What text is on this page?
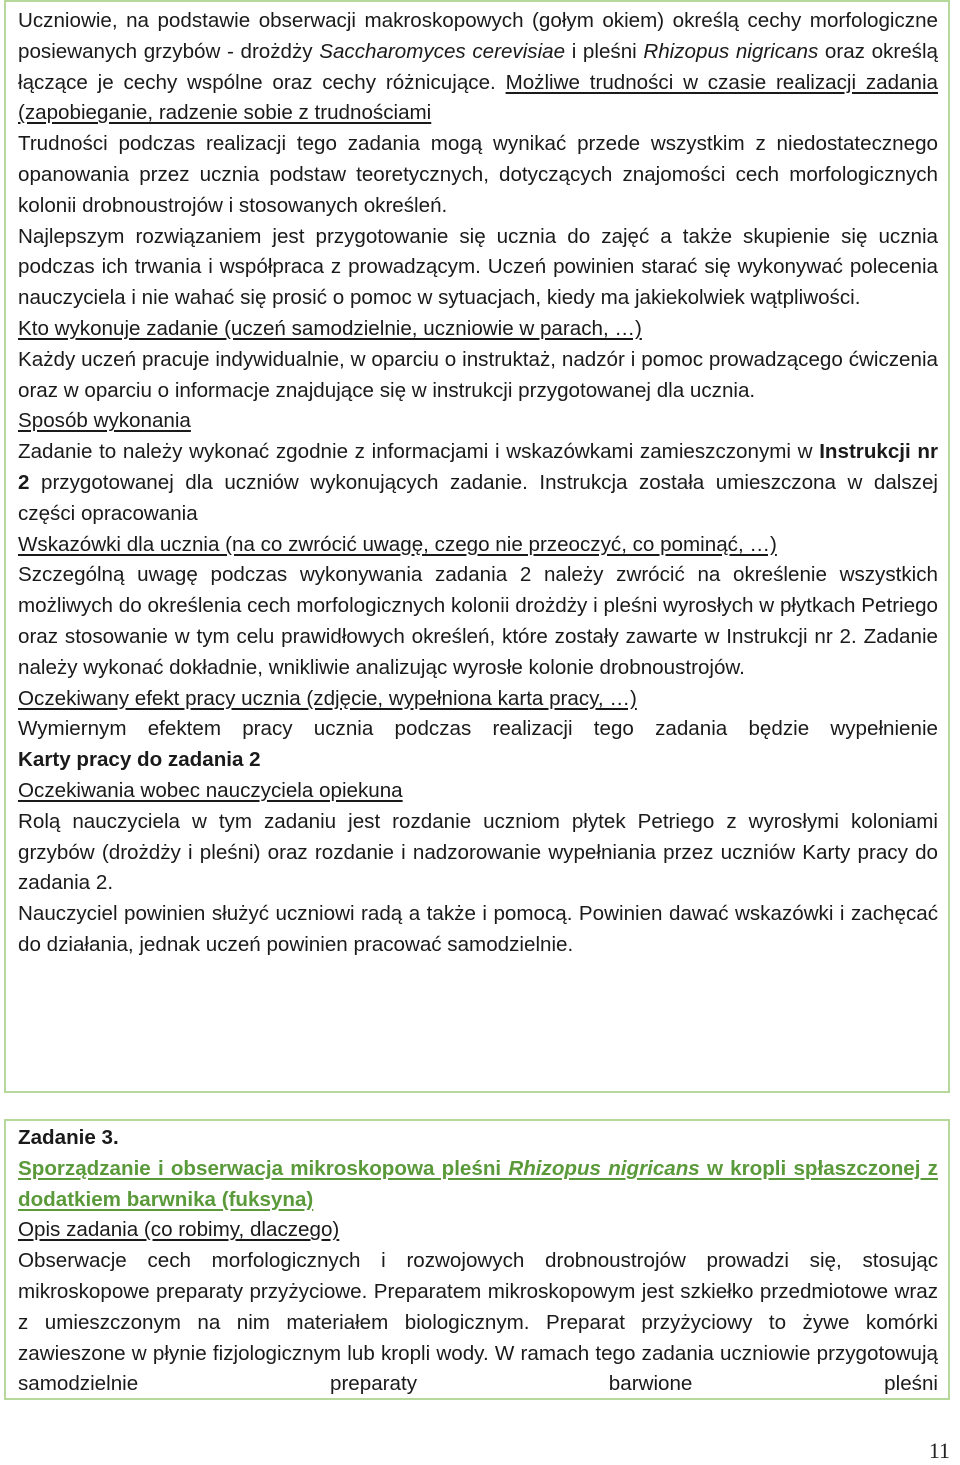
Uczniowie, na podstawie obserwacji makroskopowych (gołym okiem) określą cechy morfologiczne posiewanych grzybów - drożdży Saccharomyces cerevisiae i pleśni Rhizopus nigricans oraz określą łączące je cechy wspólne oraz cechy różnicujące. Możliwe trudności w czasie realizacji zadania (zapobieganie, radzenie sobie z trudnościami

Trudności podczas realizacji tego zadania mogą wynikać przede wszystkim z niedostatecznego opanowania przez ucznia podstaw teoretycznych, dotyczących znajomości cech morfologicznych kolonii drobnoustrojów i stosowanych określeń.

Najlepszym rozwiązaniem jest przygotowanie się ucznia do zajęć a także skupienie się ucznia podczas ich trwania i współpraca z prowadzącym. Uczeń powinien starać się wykonywać polecenia nauczyciela i nie wahać się prosić o pomoc w sytuacjach, kiedy ma jakiekolwiek wątpliwości.

Kto wykonuje zadanie (uczeń samodzielnie, uczniowie w parach, …)

Każdy uczeń pracuje indywidualnie, w oparciu o instruktaż, nadzór i pomoc prowadzącego ćwiczenia oraz w oparciu o informacje znajdujące się w instrukcji przygotowanej dla ucznia.

Sposób wykonania

Zadanie to należy wykonać zgodnie z informacjami i wskazówkami zamieszczonymi w Instrukcji nr 2 przygotowanej dla uczniów wykonujących zadanie. Instrukcja została umieszczona w dalszej części opracowania

Wskazówki dla ucznia (na co zwrócić uwagę, czego nie przeoczyć, co pominąć, …)

Szczególną uwagę podczas wykonywania zadania 2 należy zwrócić na określenie wszystkich możliwych do określenia cech morfologicznych kolonii drożdży i pleśni wyrosłych w płytkach Petriego oraz stosowanie w tym celu prawidłowych określeń, które zostały zawarte w Instrukcji nr 2. Zadanie należy wykonać dokładnie, wnikliwie analizując wyrosłe kolonie drobnoustrojów.

Oczekiwany efekt pracy ucznia (zdjęcie, wypełniona karta pracy, …)

Wymiernym efektem pracy ucznia podczas realizacji tego zadania będzie wypełnienie

Karty pracy do zadania 2

Oczekiwania wobec nauczyciela opiekuna

Rolą nauczyciela w tym zadaniu jest rozdanie uczniom płytek Petriego z wyrosłymi koloniami grzybów (drożdży i pleśni) oraz rozdanie i nadzorowanie wypełniania przez uczniów Karty pracy do zadania 2.

Nauczyciel powinien służyć uczniowi radą a także i pomocą. Powinien dawać wskazówki i zachęcać do działania, jednak uczeń powinien pracować samodzielnie.

Zadanie 3.

Sporządzanie i obserwacja mikroskopowa pleśni Rhizopus nigricans w kropli spłaszczonej z dodatkiem barwnika (fuksyna)

Opis zadania (co robimy, dlaczego)

Obserwacje cech morfologicznych i rozwojowych drobnoustrojów prowadzi się, stosując mikroskopowe preparaty przyżyciowe. Preparatem mikroskopowym jest szkiełko przedmiotowe wraz z umieszczonym na nim materiałem biologicznym. Preparat przyżyciowy to żywe komórki zawieszone w płynie fizjologicznym lub kropli wody. W ramach tego zadania uczniowie przygotowują samodzielnie preparaty barwione pleśni

11
